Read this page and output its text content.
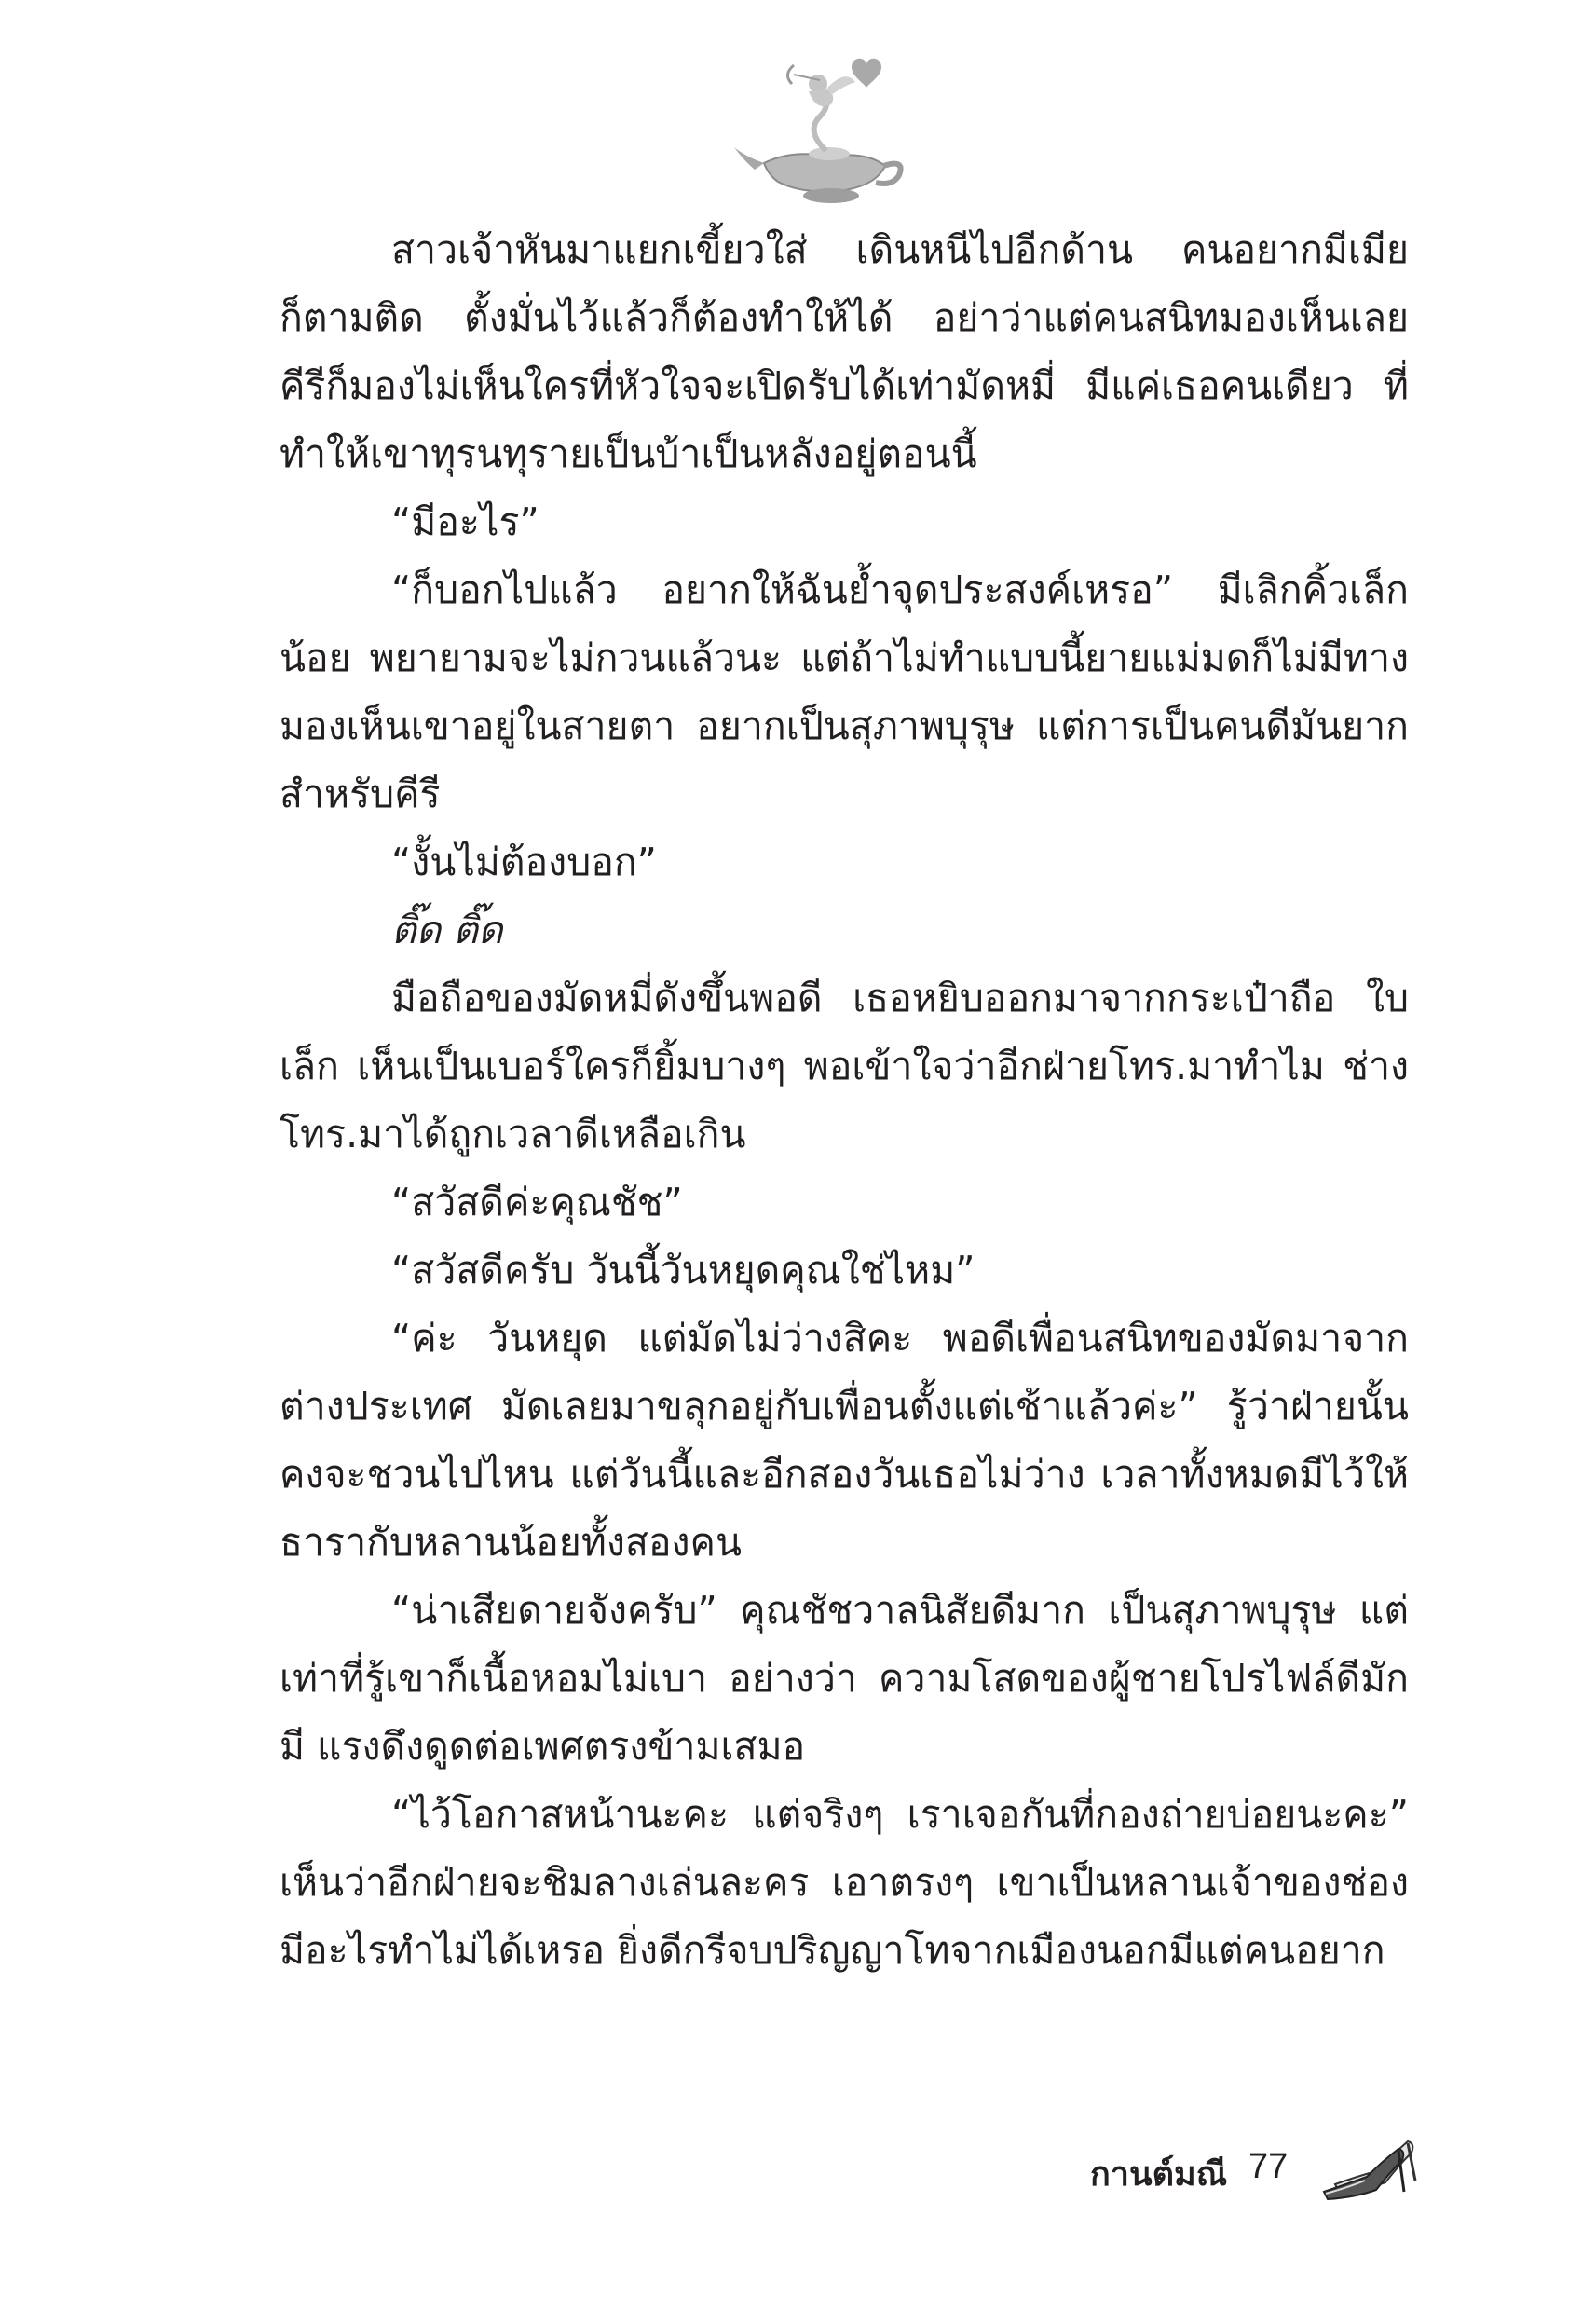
สาวเจ้าหันมาแยกเขี้ยวใส่ เดินหนีไปอีกด้าน คนอยากมีเมียก็ตามติด ตั้งมั่นไว้แล้วก็ต้องทำให้ได้ อย่าว่าแต่คนสนิทมองเห็นเลย คีรีก็มองไม่เห็นใครที่หัวใจจะเปิดรับได้เท่ามัดหมี่ มีแค่เธอคนเดียว ที่ทำให้เขาทุรนทุรายเป็นบ้าเป็นหลังอยู่ตอนนี้

“มีอะไร”

“ก็บอกไปแล้ว อยากให้ฉันย้ำจุดประสงค์เหรอ” มีเลิกคิ้วเล็กน้อย พยายามจะไม่กวนแล้วนะ แต่ถ้าไม่ทำแบบนี้ยายแม่มดก็ไม่มีทาง มองเห็นเขาอยู่ในสายตา อยากเป็นสุภาพบุรุษ แต่การเป็นคนดีมันยาก สำหรับคีรี

“งั้นไม่ต้องบอก”

ติ๊ด ติ๊ด

มือถือของมัดหมี่ดังขึ้นพอดี เธอหยิบออกมาจากกระเป๋าถือ ใบเล็ก เห็นเป็นเบอร์ใครก็ยิ้มบางๆ พอเข้าใจว่าอีกฝ่ายโทร.มาทำไม ช่างโทร.มาได้ถูกเวลาดีเหลือเกิน

“สวัสดีค่ะคุณชัช”

“สวัสดีครับ วันนี้วันหยุดคุณใช่ไหม”

“ค่ะ วันหยุด แต่มัดไม่ว่างสิคะ พอดีเพื่อนสนิทของมัดมาจาก ต่างประเทศ มัดเลยมาขลุกอยู่กับเพื่อนตั้งแต่เช้าแล้วค่ะ” รู้ว่าฝ่ายนั้น คงจะชวนไปไหน แต่วันนี้และอีกสองวันเธอไม่ว่าง เวลาทั้งหมดมีไว้ให้ ธารากับหลานน้อยทั้งสองคน

“น่าเสียดายจังครับ” คุณชัชวาลนิสัยดีมาก เป็นสุภาพบุรุษ แต่ เท่าที่รู้เขาก็เนื้อหอมไม่เบา อย่างว่า ความโสดของผู้ชายโปรไฟล์ดีมักมี แรงดึงดูดต่อเพศตรงข้ามเสมอ

“ไว้โอกาสหน้านะคะ แต่จริงๆ เราเจอกันที่กองถ่ายบ่อยนะคะ” เห็นว่าอีกฝ่ายจะชิมลางเล่นละคร เอาตรงๆ เขาเป็นหลานเจ้าของช่อง มีอะไรทำไม่ได้เหรอ ยิ่งดีกรีจบปริญญาโทจากเมืองนอกมีแต่คนอยาก

กานต์มณี 77
